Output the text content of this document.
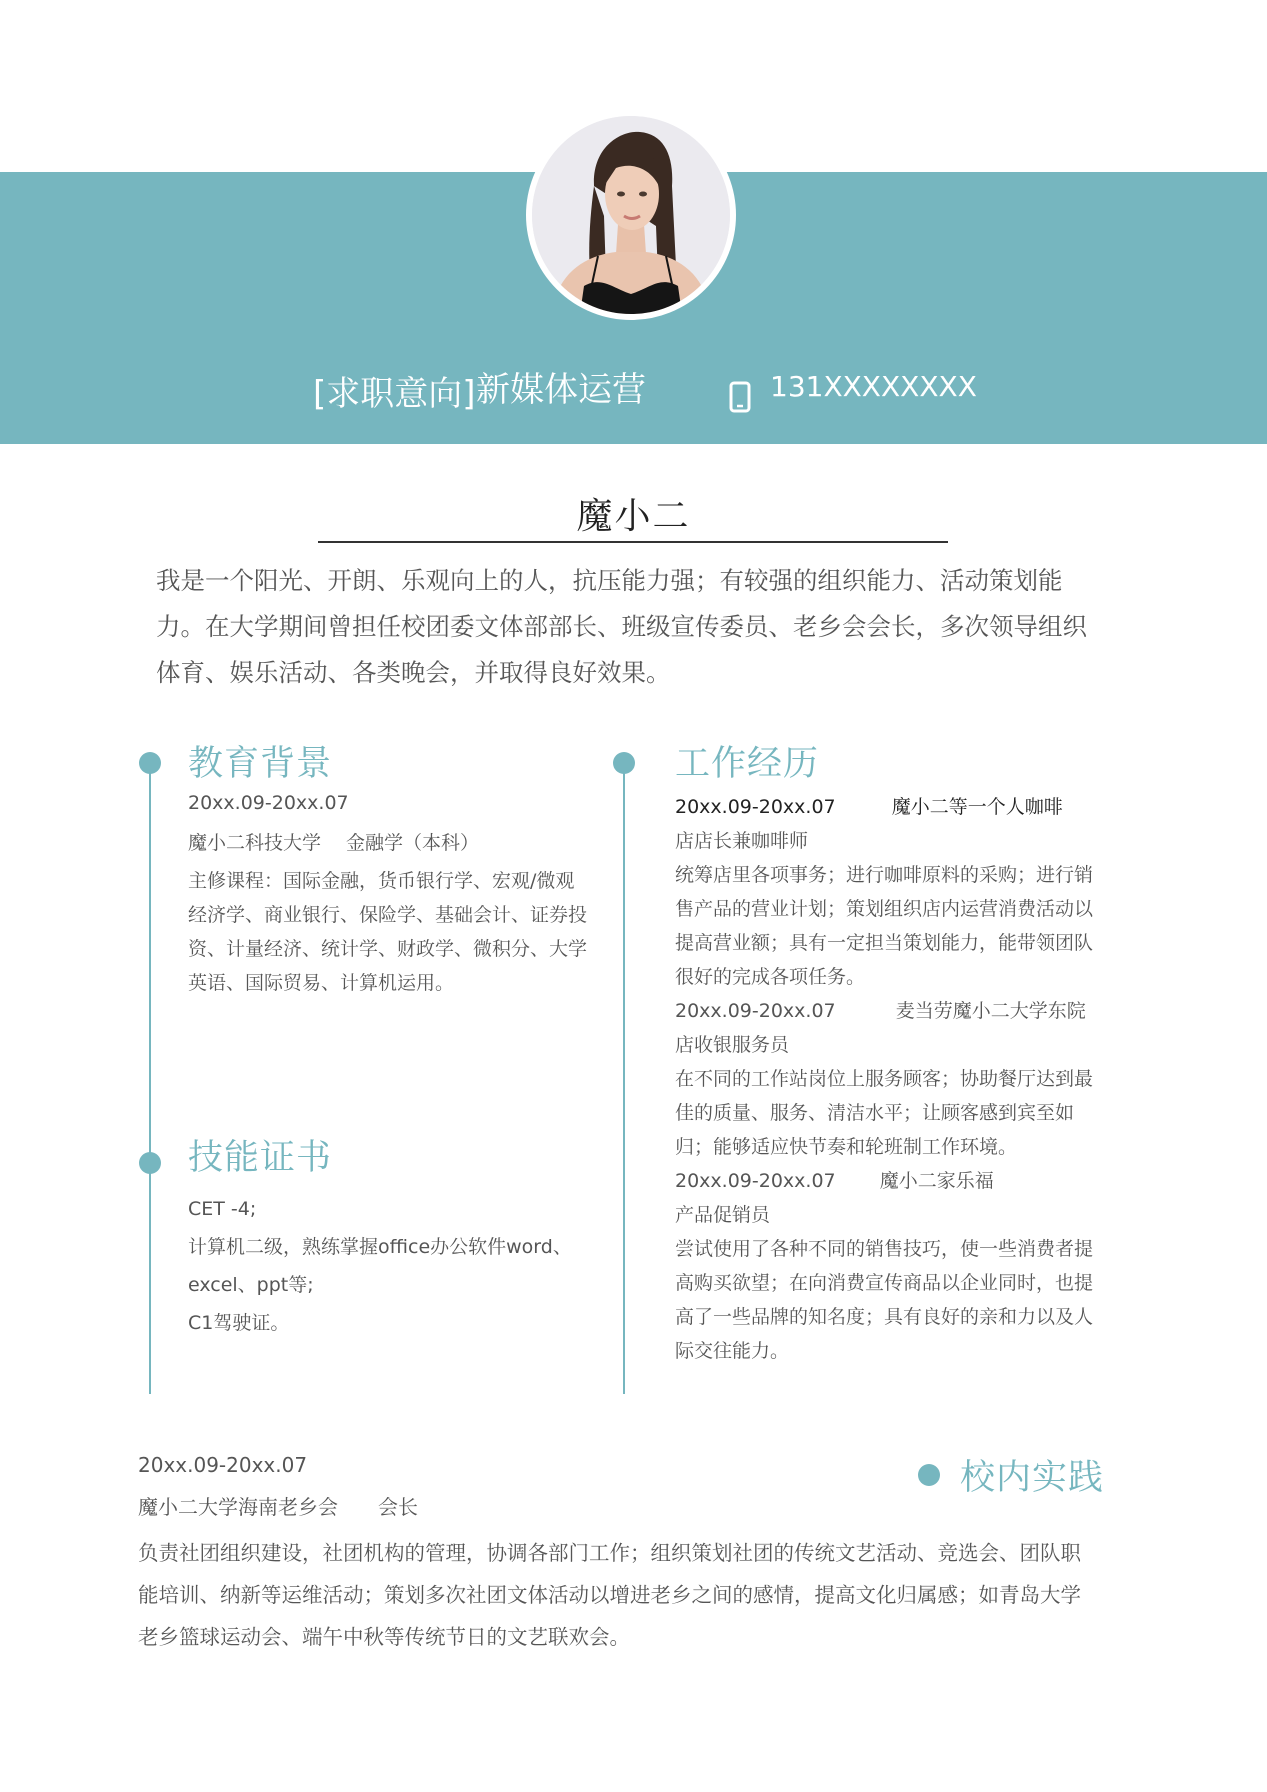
[求职意向] 新媒体运营	131XXXXXXXX
魔小二
我是一个阳光、开朗、乐观向上的人，抗压能力强；有较强的组织能力、活动策划能力。在大学期间曾担任校团委文体部部长、班级宣传委员、老乡会会长，多次领导组织体育、娱乐活动、各类晚会，并取得良好效果。
教育背景
20xx.09-20xx.07
魔小二科技大学　 金融学（本科）
主修课程：国际金融，货币银行学、宏观/微观经济学、商业银行、保险学、基础会计、证券投资、计量经济、统计学、财政学、微积分、大学英语、国际贸易、计算机运用。
技能证书
CET -4;
计算机二级，熟练掌握office办公软件word、excel、ppt等;
C1驾驶证。
工作经历
20xx.09-20xx.07	魔小二等一个人咖啡
店店长兼咖啡师
统筹店里各项事务；进行咖啡原料的采购；进行销售产品的营业计划；策划组织店内运营消费活动以提高营业额；具有一定担当策划能力，能带领团队很好的完成各项任务。
20xx.09-20xx.07	麦当劳魔小二大学东院
店收银服务员
在不同的工作站岗位上服务顾客；协助餐厅达到最佳的质量、服务、清洁水平；让顾客感到宾至如归；能够适应快节奏和轮班制工作环境。
20xx.09-20xx.07 魔小二家乐福
产品促销员
尝试使用了各种不同的销售技巧，使一些消费者提高购买欲望；在向消费宣传商品以企业同时，也提高了一些品牌的知名度；具有良好的亲和力以及人际交往能力。
20xx.09-20xx.07	校内实践
魔小二大学海南老乡会　　会长
负责社团组织建设，社团机构的管理，协调各部门工作；组织策划社团的传统文艺活动、竞选会、团队职能培训、纳新等运维活动；策划多次社团文体活动以增进老乡之间的感情，提高文化归属感；如青岛大学老乡篮球运动会、端午中秋等传统节日的文艺联欢会。
